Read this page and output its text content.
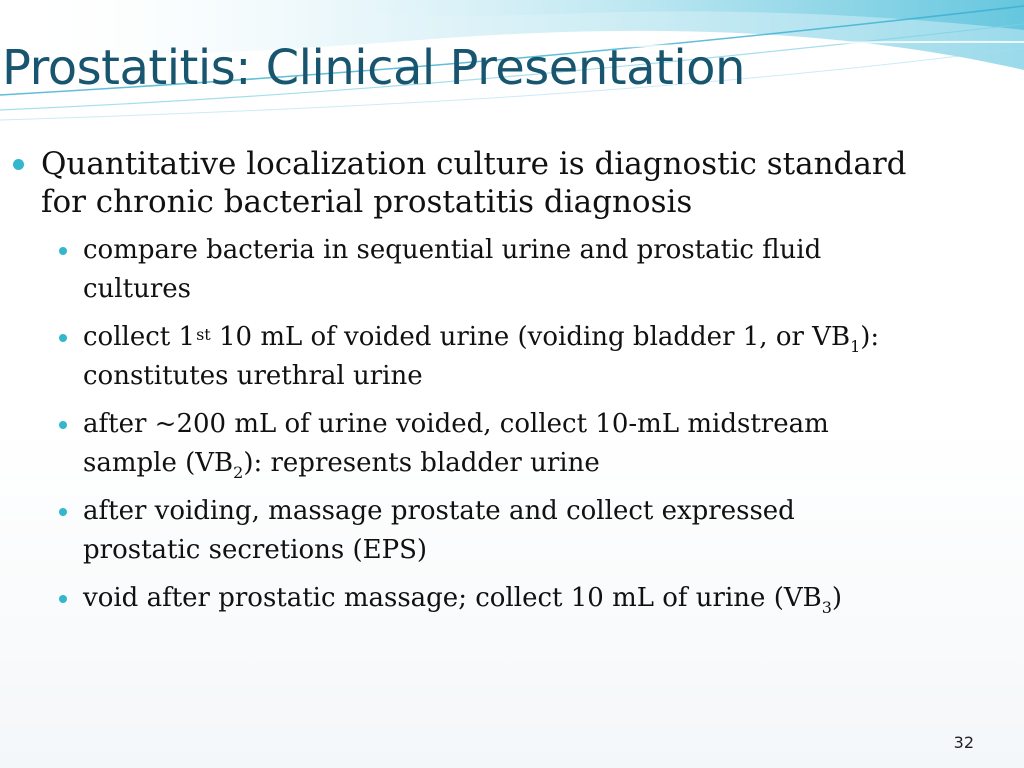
Prostatitis: Clinical Presentation
Quantitative localization culture is diagnostic standard for chronic bacterial prostatitis diagnosis
compare bacteria in sequential urine and prostatic fluid cultures
collect 1st 10 mL of voided urine (voiding bladder 1, or $VB_1$): constitutes urethral urine
after ~200 mL of urine voided, collect 10-mL midstream sample $(VB_2)$: represents bladder urine
after voiding, massage prostate and collect expressed prostatic secretions (EPS)
void after prostatic massage; collect 10 mL of urine $(VB_3)$
32
